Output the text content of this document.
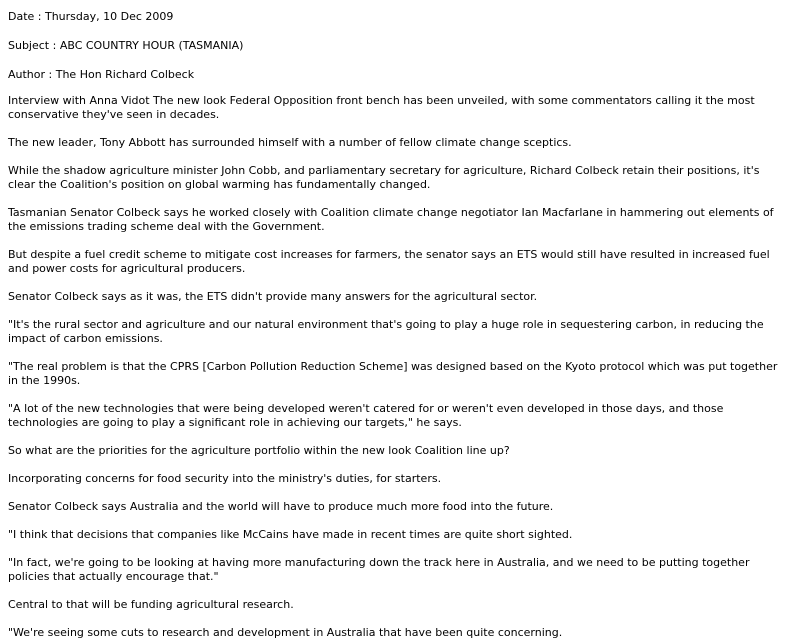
Date : Thursday, 10 Dec 2009

Subject : ABC COUNTRY HOUR (TASMANIA)

Author : The Hon Richard Colbeck

Interview with Anna Vidot The new look Federal Opposition front bench has been unveiled, with some commentators calling it the most conservative they've seen in decades.

The new leader, Tony Abbott has surrounded himself with a number of fellow climate change sceptics.

While the shadow agriculture minister John Cobb, and parliamentary secretary for agriculture, Richard Colbeck retain their positions, it's clear the Coalition's position on global warming has fundamentally changed.

Tasmanian Senator Colbeck says he worked closely with Coalition climate change negotiator Ian Macfarlane in hammering out elements of the emissions trading scheme deal with the Government.

But despite a fuel credit scheme to mitigate cost increases for farmers, the senator says an ETS would still have resulted in increased fuel and power costs for agricultural producers.

Senator Colbeck says as it was, the ETS didn't provide many answers for the agricultural sector.

"It's the rural sector and agriculture and our natural environment that's going to play a huge role in sequestering carbon, in reducing the impact of carbon emissions.

"The real problem is that the CPRS [Carbon Pollution Reduction Scheme] was designed based on the Kyoto protocol which was put together in the 1990s.

"A lot of the new technologies that were being developed weren't catered for or weren't even developed in those days, and those technologies are going to play a significant role in achieving our targets," he says.

So what are the priorities for the agriculture portfolio within the new look Coalition line up?

Incorporating concerns for food security into the ministry's duties, for starters.

Senator Colbeck says Australia and the world will have to produce much more food into the future.

"I think that decisions that companies like McCains have made in recent times are quite short sighted.

"In fact, we're going to be looking at having more manufacturing down the track here in Australia, and we need to be putting together policies that actually encourage that."

Central to that will be funding agricultural research.

"We're seeing some cuts to research and development in Australia that have been quite concerning.
